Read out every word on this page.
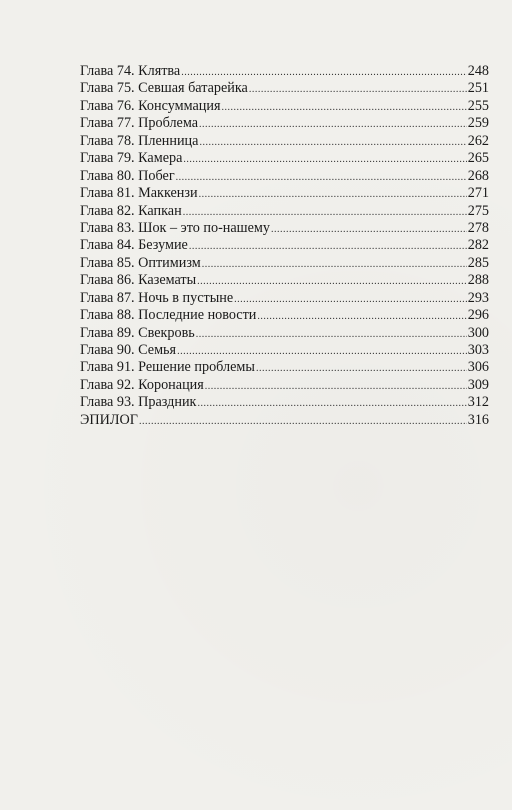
Глава 74. Клятва .....	248
Глава 75. Севшая батарейка .....	251
Глава 76. Консуммация .....	255
Глава 77. Проблема .....	259
Глава 78. Пленница .....	262
Глава 79. Камера .....	265
Глава 80. Побег .....	268
Глава 81. Маккензи .....	271
Глава 82. Капкан .....	275
Глава 83. Шок – это по-нашему .....	278
Глава 84. Безумие .....	282
Глава 85. Оптимизм .....	285
Глава 86. Казематы .....	288
Глава 87. Ночь в пустыне .....	293
Глава 88. Последние новости .....	296
Глава 89. Свекровь .....	300
Глава 90. Семья .....	303
Глава 91. Решение проблемы .....	306
Глава 92. Коронация .....	309
Глава 93. Праздник .....	312
ЭПИЛОГ .....	316
